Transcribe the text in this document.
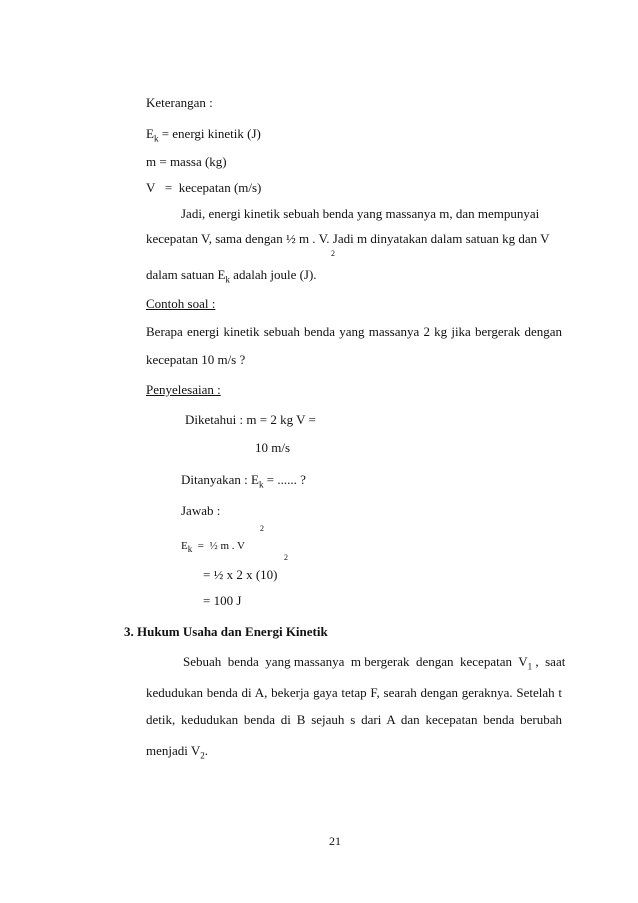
Keterangan :
$E_k$ = energi kinetik (J)
m = massa (kg)
V   =  kecepatan (m/s)
Jadi, energi kinetik sebuah benda yang massanya m, dan mempunyai
kecepatan V, sama dengan ½ m . V. Jadi m dinyatakan dalam satuan kg dan V
2
dalam satuan $E_k$ adalah joule (J).
Contoh soal :
Berapa energi kinetik sebuah benda yang massanya 2 kg jika bergerak dengan
kecepatan 10 m/s ?
Penyelesaian :
Diketahui : m = 2 kg V =
10 m/s
Ditanyakan : $E_k$ = ...... ?
Jawab :
2
$E_k$  =  ½ m . V
2
= ½ x 2 x (10)
= 100 J
3. Hukum Usaha dan Energi Kinetik
Sebuah  benda  yang massanya  m bergerak  dengan  kecepatan  $V_1$ ,  saat
kedudukan benda di A, bekerja gaya tetap F, searah dengan geraknya. Setelah t
detik, kedudukan benda di B sejauh s dari A dan kecepatan benda berubah
menjadi $V_2$.
21
